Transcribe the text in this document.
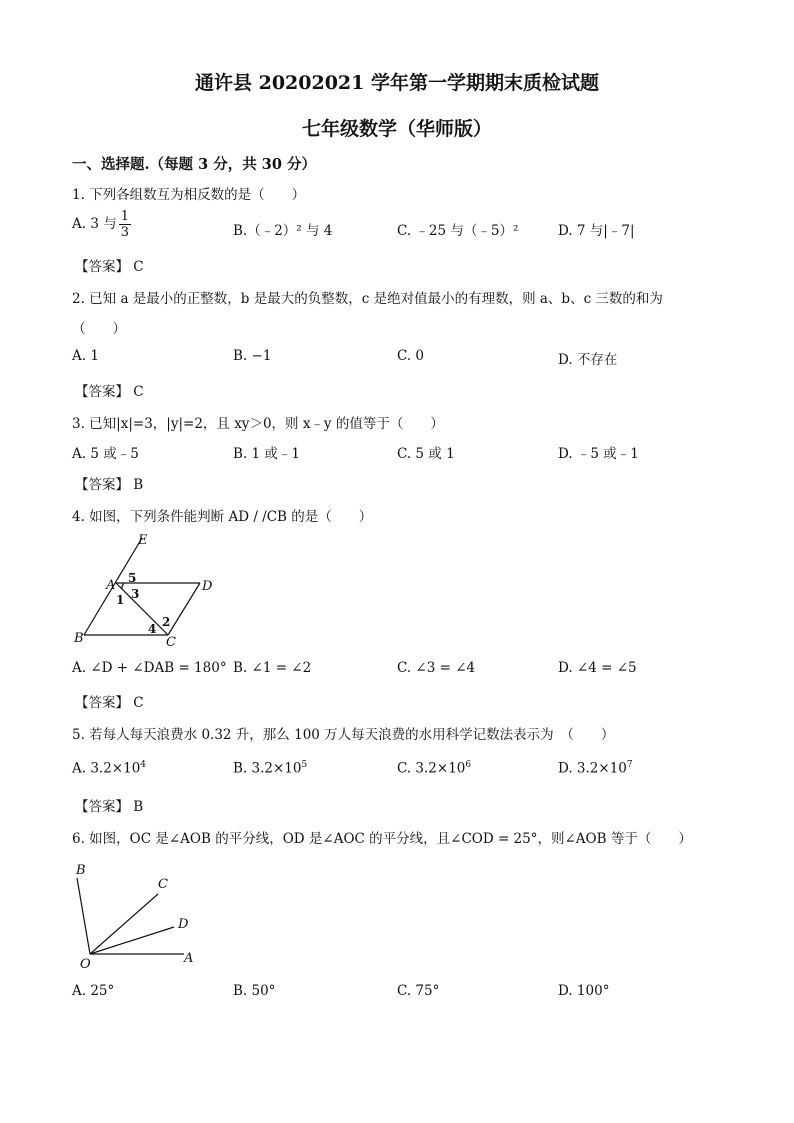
通许县 20202021 学年第一学期期末质检试题
七年级数学（华师版）
一、选择题.（每题 3 分，共 30 分）
1. 下列各组数互为相反数的是（　　）
A. 3 与 $\frac{1}{3}$	B.（﹣2）² 与 4	C. ﹣25 与（﹣5）²	D. 7 与|﹣7|
【答案】 C
2. 已知 a 是最小的正整数，b 是最大的负整数，c 是绝对值最小的有理数，则 a、b、c 三数的和为
（　　）
A. 1	B. −1	C. 0	D. 不存在
【答案】 C
3. 已知|x|=3，|y|=2，且 xy＞0，则 x﹣y 的值等于（　　）
A. 5 或﹣5	B. 1 或﹣1	C. 5 或 1	D. ﹣5 或﹣1
【答案】 B
4. 如图，下列条件能判断 AD / /CB 的是（　　）
E
A	D
B	C
5
1 3
2
4
A. ∠D + ∠DAB = 180° B. ∠1 = ∠2	C. ∠3 = ∠4	D. ∠4 = ∠5
【答案】 C
5. 若每人每天浪费水 0.32 升，那么 100 万人每天浪费的水用科学记数法表示为　（　　）
A. $3.2\times 10^4$	B. $3.2\times 10^5$	C. $3.2\times 10^6$	D. $3.2\times 10^7$
【答案】 B
6. 如图，OC 是∠AOB 的平分线，OD 是∠AOC 的平分线，且∠COD = 25°，则∠AOB 等于（　　）
B
C
D
O	A
A. 25°	B. 50°	C. 75°	D. 100°
